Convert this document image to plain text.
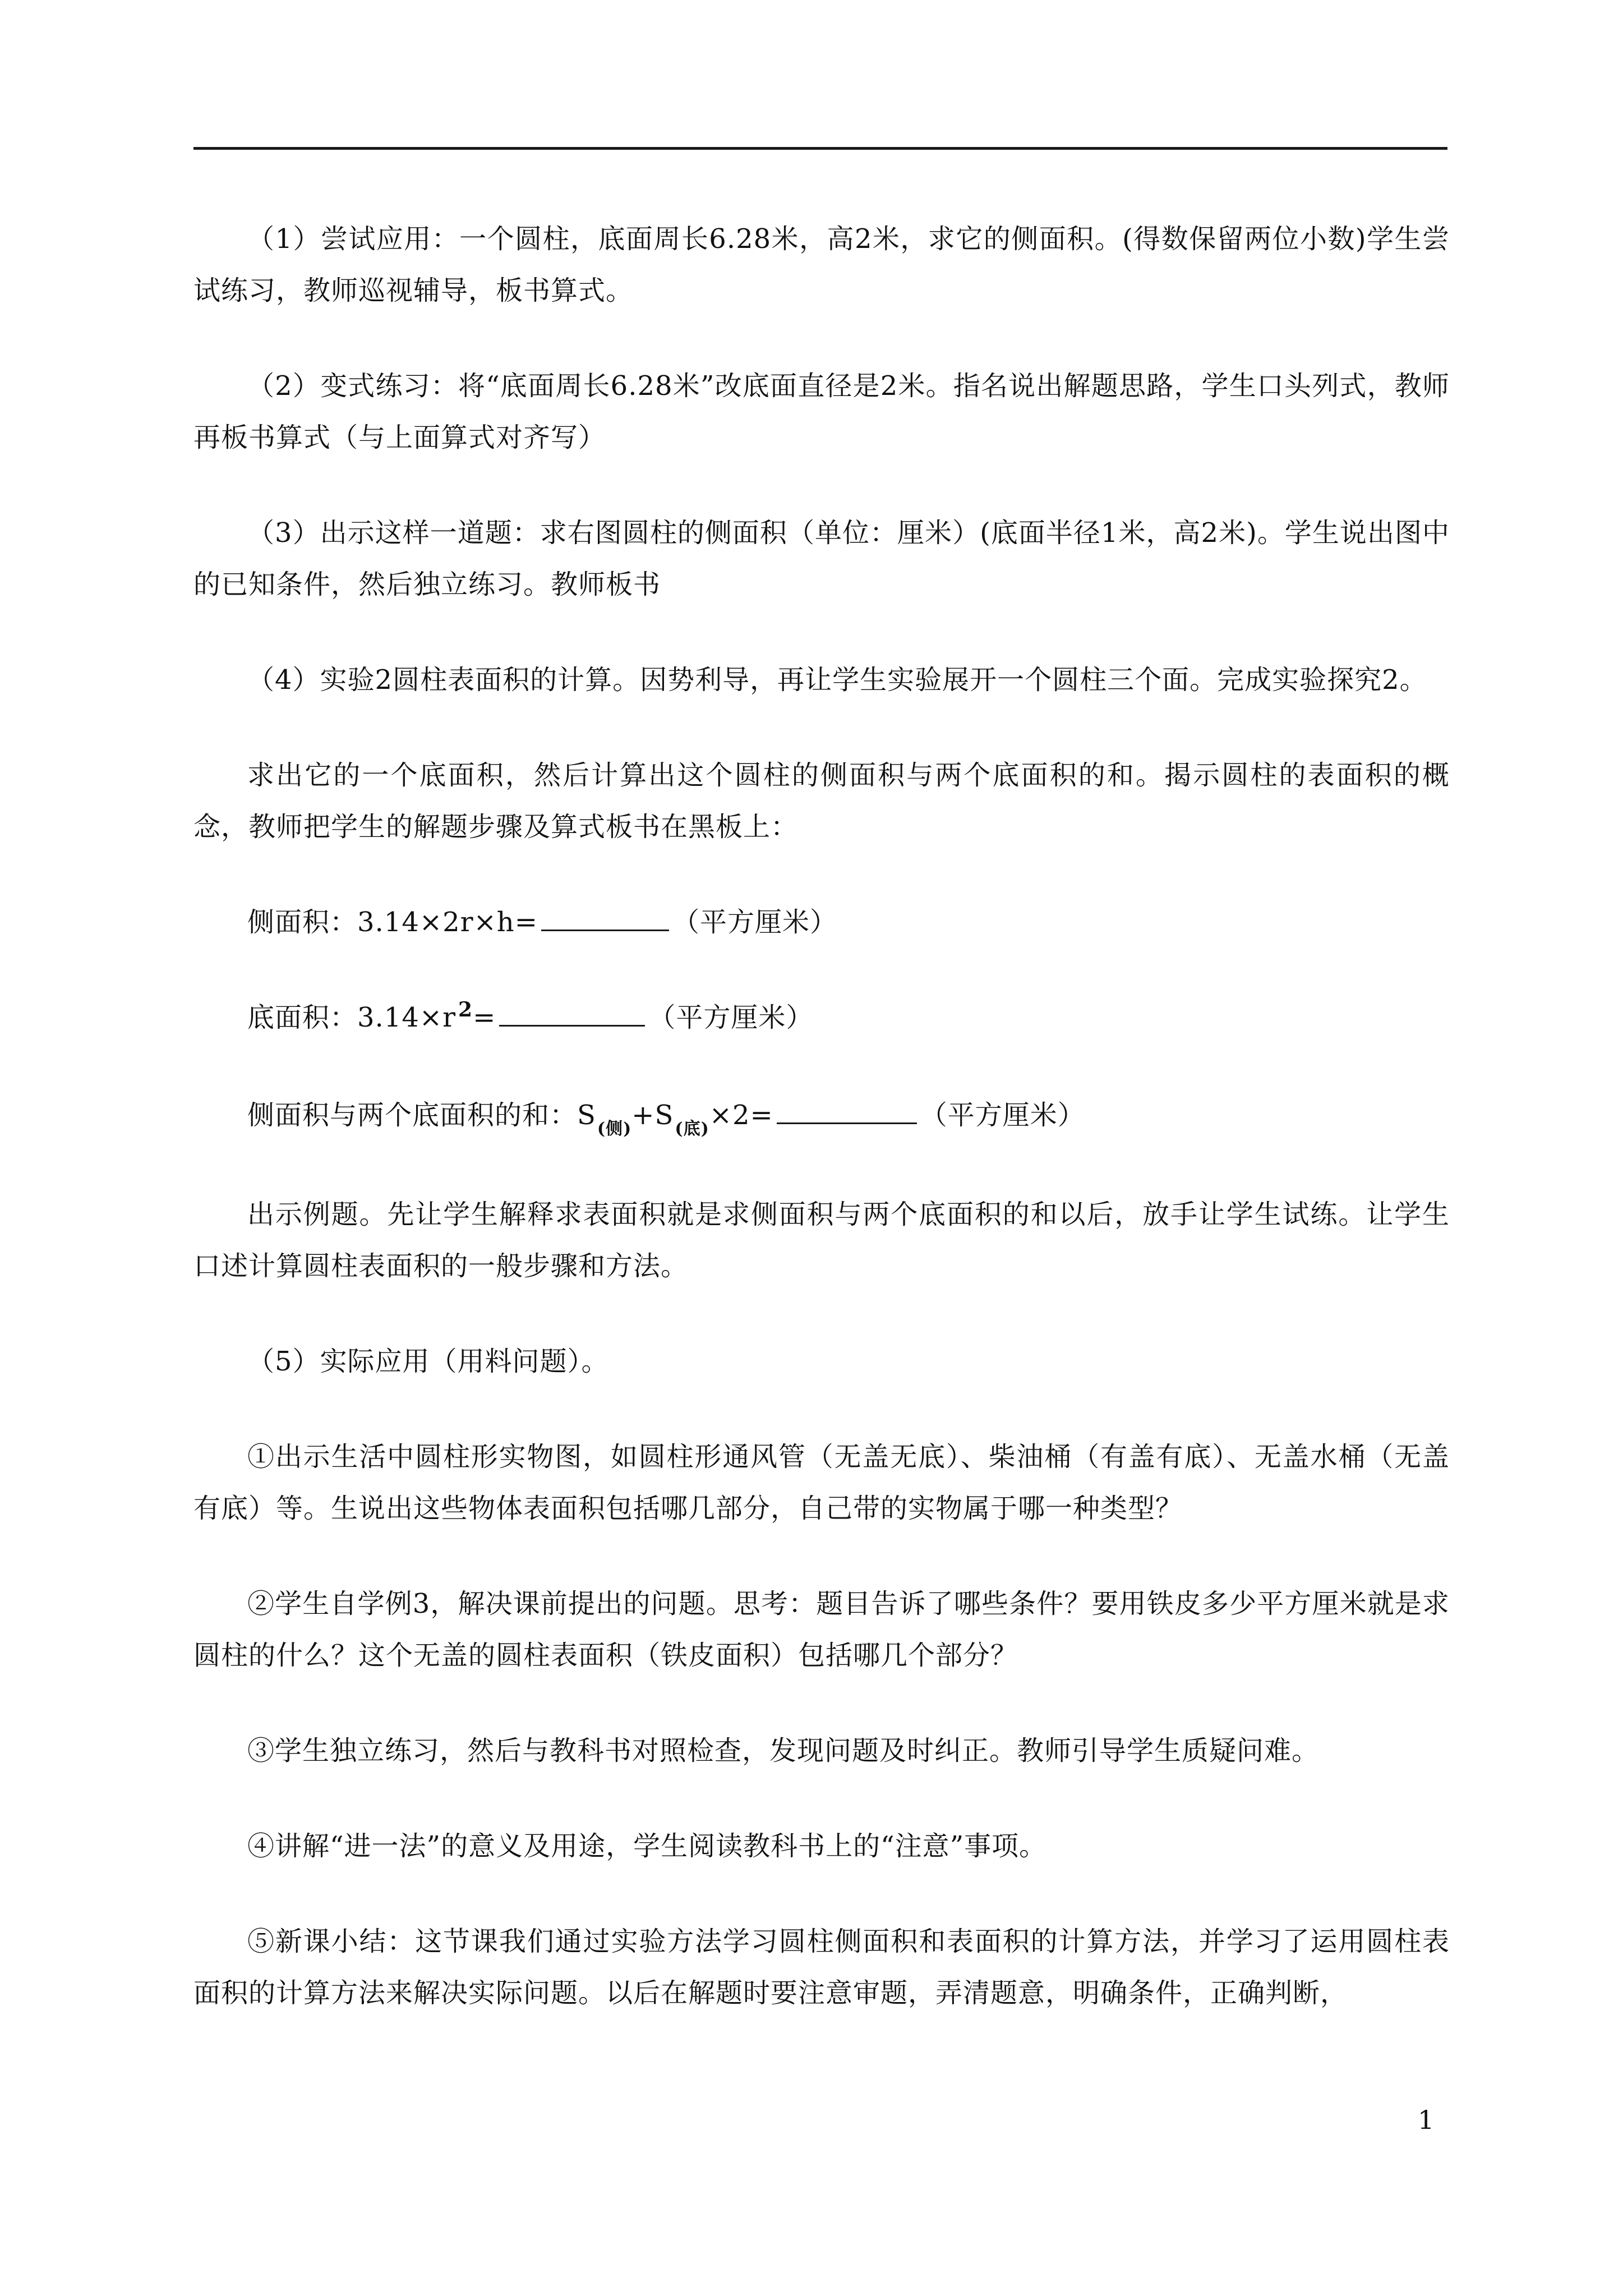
（1）尝试应用：一个圆柱，底面周长6.28米，高2米，求它的侧面积。(得数保留两位小数)学生尝试练习，教师巡视辅导，板书算式。

（2）变式练习：将“底面周长6.28米”改底面直径是2米。指名说出解题思路，学生口头列式，教师再板书算式（与上面算式对齐写）

（3）出示这样一道题：求右图圆柱的侧面积（单位：厘米）(底面半径1米，高2米)。学生说出图中的已知条件，然后独立练习。教师板书

（4）实验2圆柱表面积的计算。因势利导，再让学生实验展开一个圆柱三个面。完成实验探究2。

求出它的一个底面积，然后计算出这个圆柱的侧面积与两个底面积的和。揭示圆柱的表面积的概念，教师把学生的解题步骤及算式板书在黑板上：

侧面积：3.14×2r×h=	（平方厘米）
底面积：3.14×r $^2$=	（平方厘米）
侧面积与两个底面积的和：$S_{(侧)}+S_{(底)}\times 2=$	（平方厘米）

出示例题。先让学生解释求表面积就是求侧面积与两个底面积的和以后，放手让学生试练。让学生口述计算圆柱表面积的一般步骤和方法。

（5）实际应用（用料问题）。

①出示生活中圆柱形实物图，如圆柱形通风管（无盖无底）、柴油桶（有盖有底）、无盖水桶（无盖有底）等。生说出这些物体表面积包括哪几部分，自己带的实物属于哪一种类型？

②学生自学例3，解决课前提出的问题。思考：题目告诉了哪些条件？要用铁皮多少平方厘米就是求圆柱的什么？这个无盖的圆柱表面积（铁皮面积）包括哪几个部分？

③学生独立练习，然后与教科书对照检查，发现问题及时纠正。教师引导学生质疑问难。

④讲解“进一法”的意义及用途，学生阅读教科书上的“注意”事项。

⑤新课小结：这节课我们通过实验方法学习圆柱侧面积和表面积的计算方法，并学习了运用圆柱表面积的计算方法来解决实际问题。以后在解题时要注意审题，弄清题意，明确条件，正确判断，

1
